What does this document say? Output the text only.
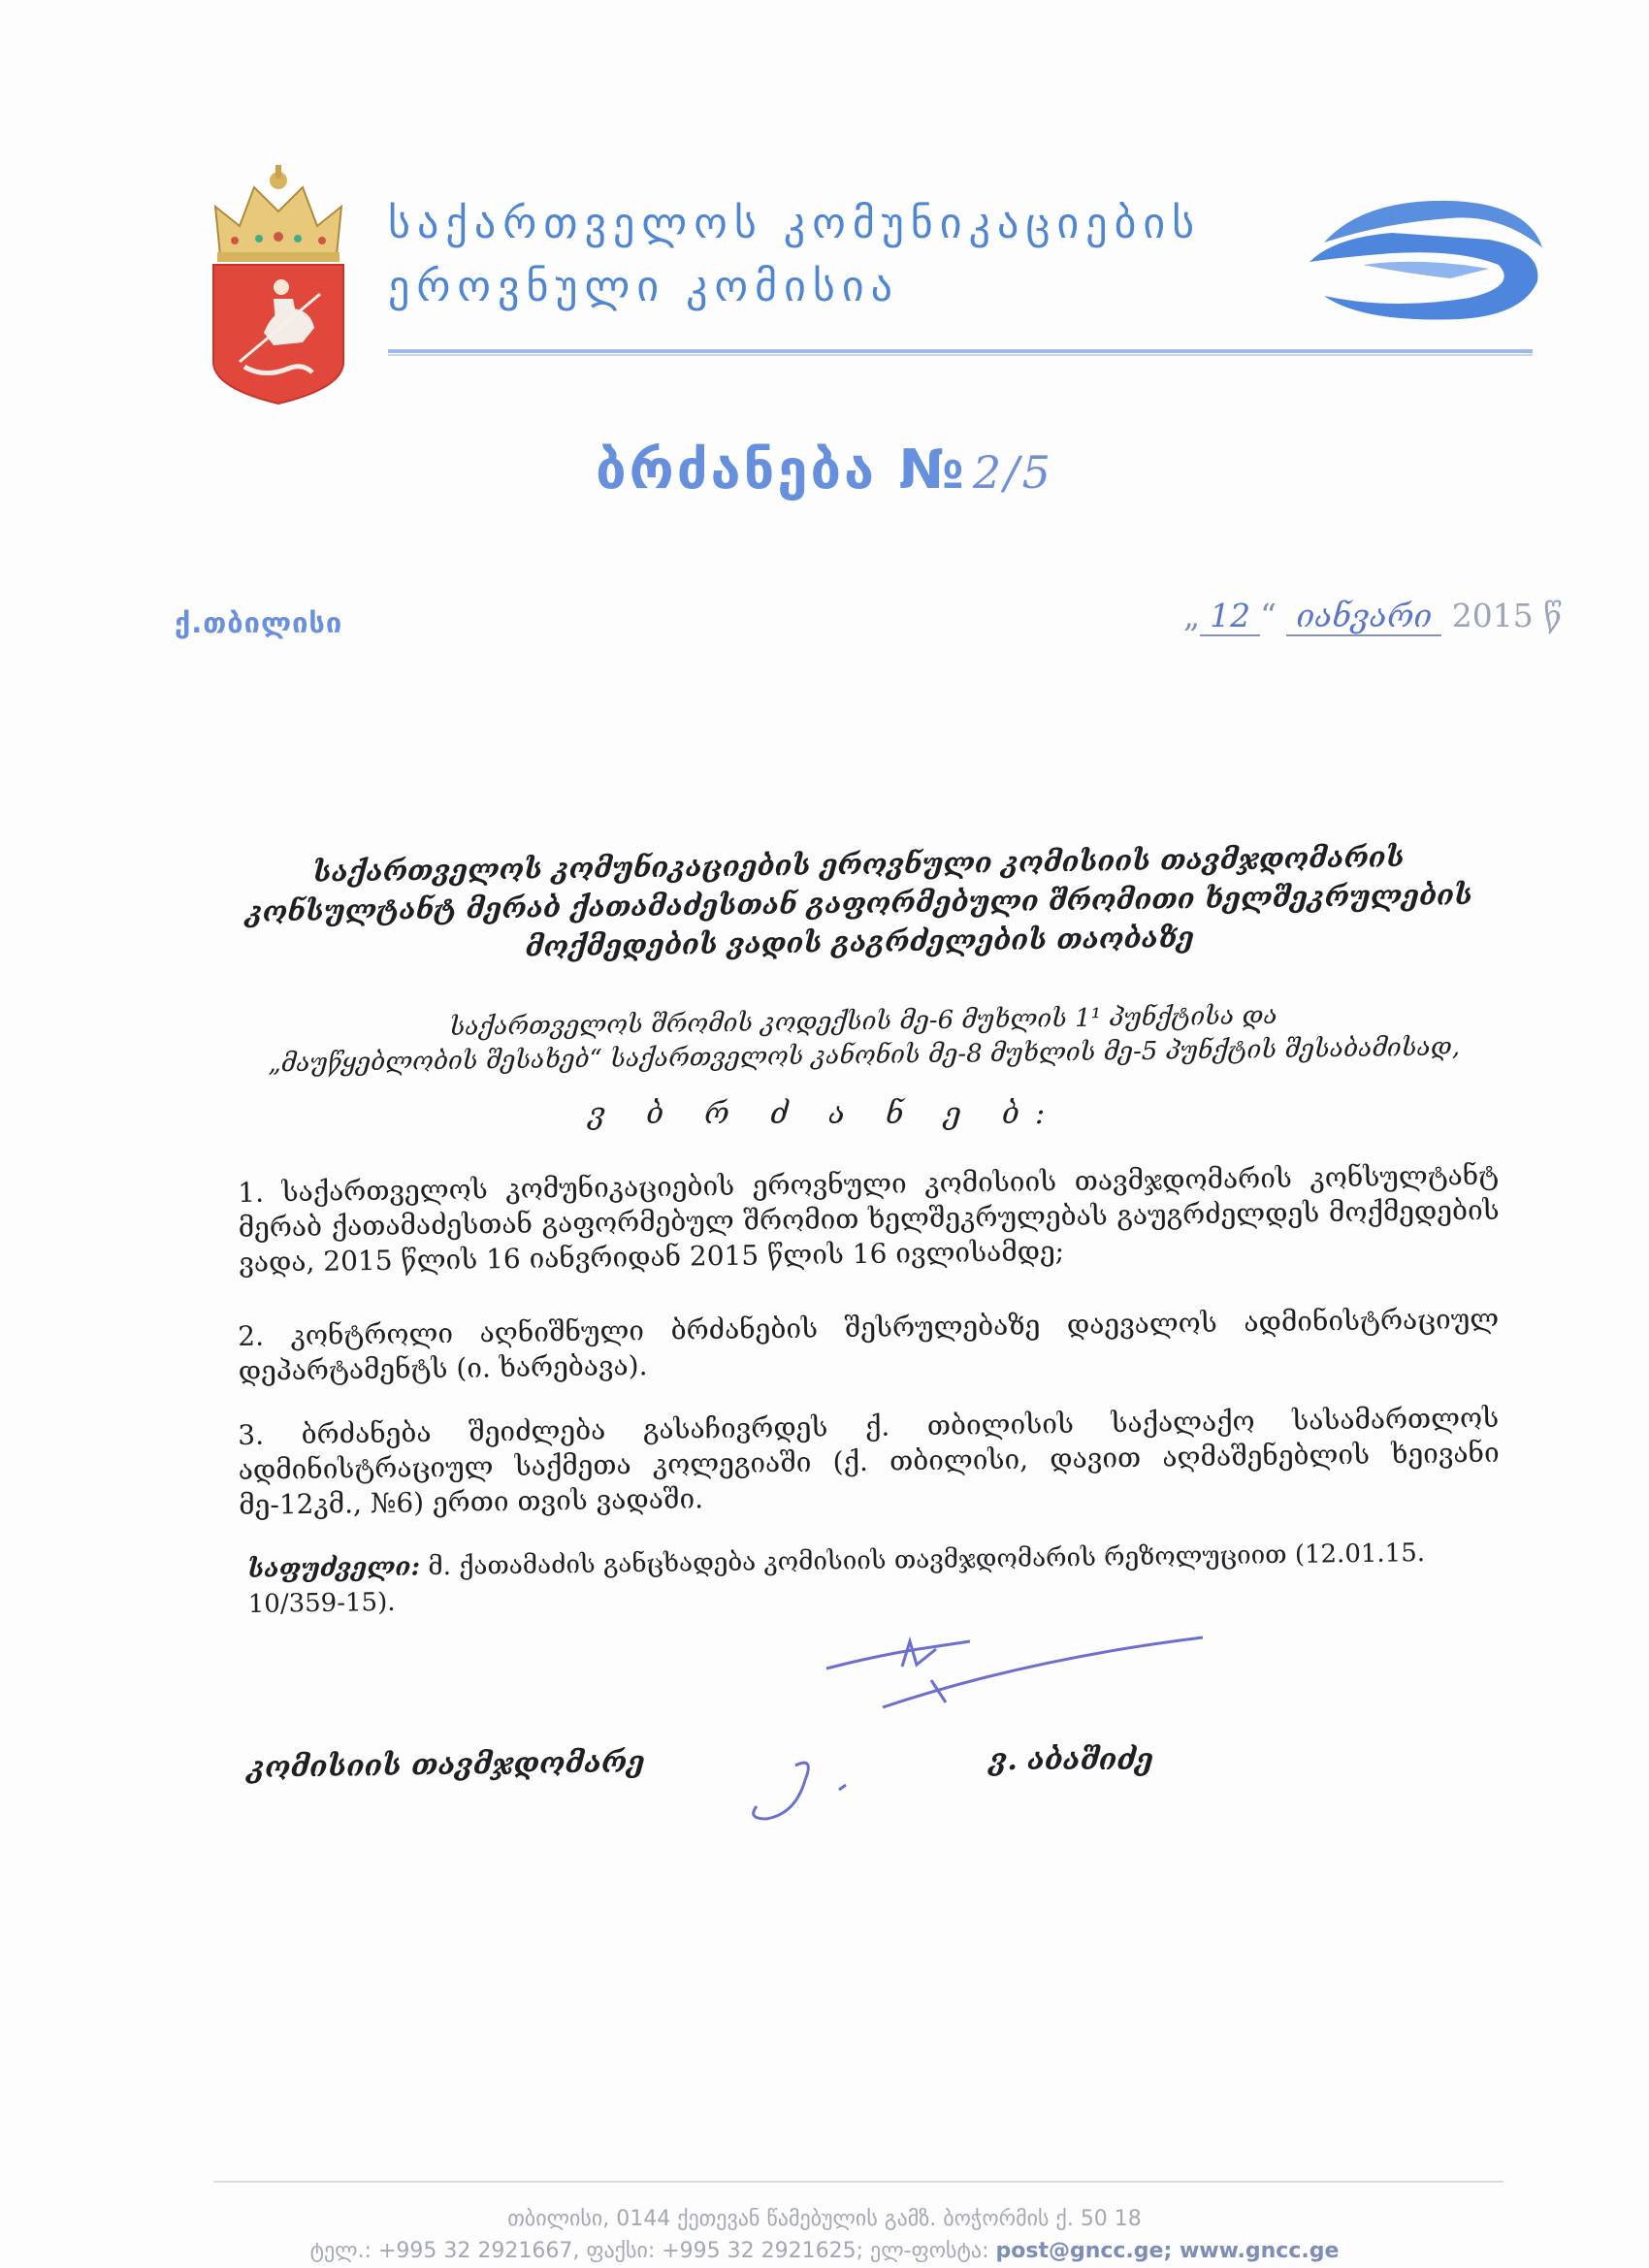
საქართველოს კომუნიკაციების
ეროვნული კომისია
ბრძანება № 2/5
ქ.თბილისი	„ 12 “ იანვარი 2015 წ
საქართველოს კომუნიკაციების ეროვნული კომისიის თავმჯდომარის
კონსულტანტ მერაბ ქათამაძესთან გაფორმებული შრომითი ხელშეკრულების
მოქმედების ვადის გაგრძელების თაობაზე
საქართველოს შრომის კოდექსის მე-6 მუხლის 1¹ პუნქტისა და
„მაუწყებლობის შესახებ“ საქართველოს კანონის მე-8 მუხლის მე-5 პუნქტის შესაბამისად,
ვ ბ რ ძ ა ნ ე ბ:
1. საქართველოს კომუნიკაციების ეროვნული კომისიის თავმჯდომარის კონსულტანტ მერაბ ქათამაძესთან გაფორმებულ შრომით ხელშეკრულებას გაუგრძელდეს მოქმედების ვადა, 2015 წლის 16 იანვრიდან 2015 წლის 16 ივლისამდე;
2. კონტროლი აღნიშნული ბრძანების შესრულებაზე დაევალოს ადმინისტრაციულ დეპარტამენტს (ი. ხარებავა).
3. ბრძანება შეიძლება გასაჩივრდეს ქ. თბილისის საქალაქო სასამართლოს ადმინისტრაციულ საქმეთა კოლეგიაში (ქ. თბილისი, დავით აღმაშენებლის ხეივანი მე-12კმ., №6) ერთი თვის ვადაში.
საფუძველი: მ. ქათამაძის განცხადება კომისიის თავმჯდომარის რეზოლუციით (12.01.15. 10/359-15).
კომისიის თავმჯდომარე	ვ. აბაშიძე
თბილისი, 0144 ქეთევან წამებულის გამზ. ბოჭორმის ქ. 50 18
ტელ.: +995 32 2921667, ფაქსი: +995 32 2921625; ელ-ფოსტა: post@gncc.ge; www.gncc.ge
